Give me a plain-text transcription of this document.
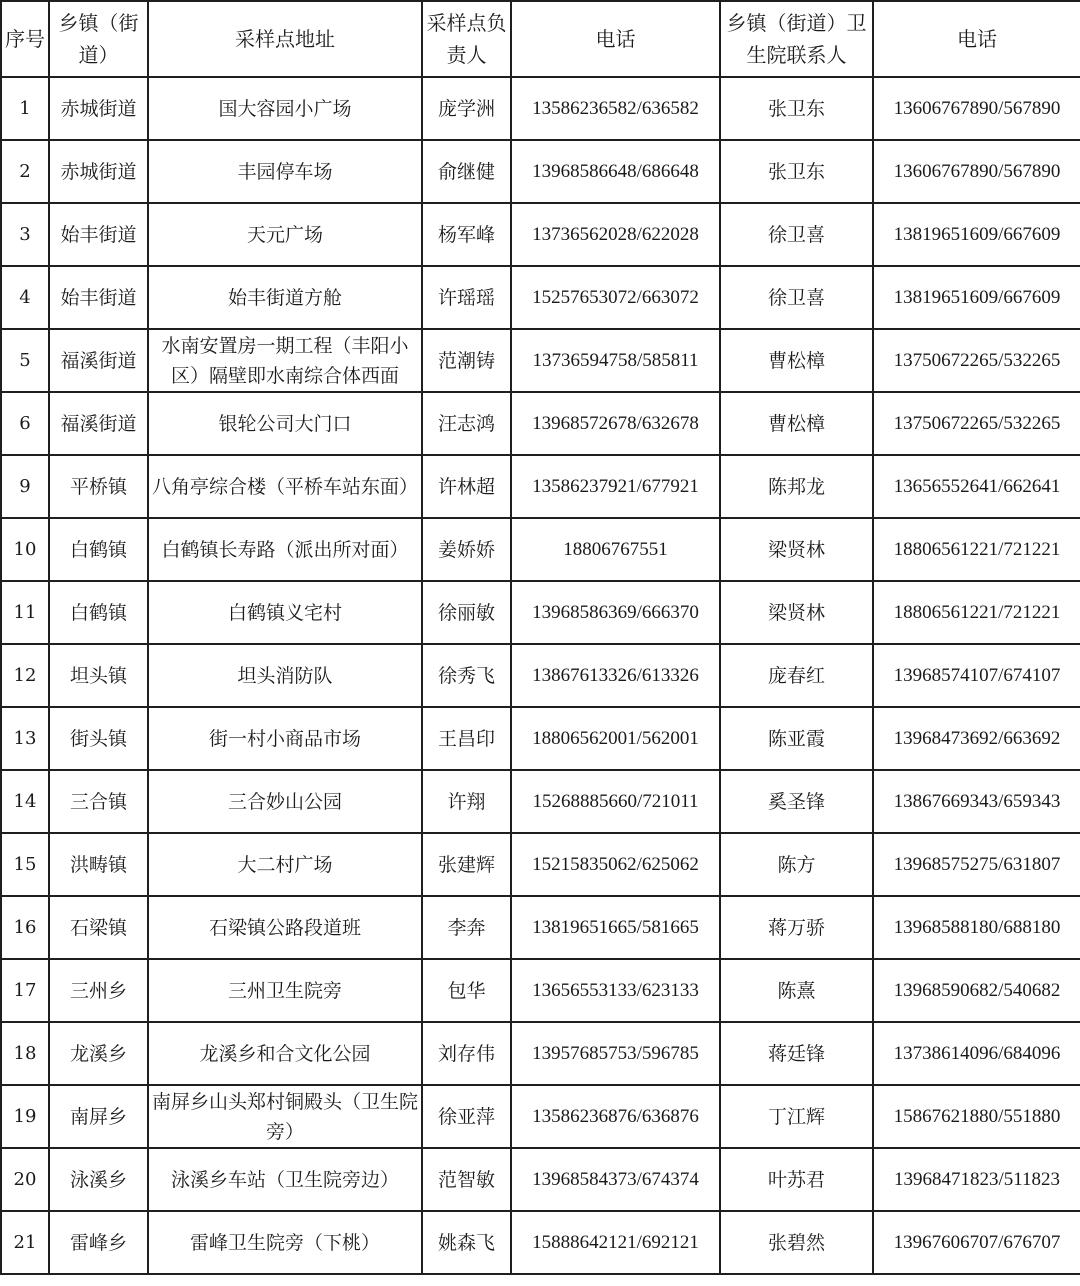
序号	乡镇（街道）	采样点地址	采样点负责人	电话	乡镇（街道）卫生院联系人	电话
1	赤城街道	国大容园小广场	庞学洲	13586236582/636582	张卫东	13606767890/567890
2	赤城街道	丰园停车场	俞继健	13968586648/686648	张卫东	13606767890/567890
3	始丰街道	天元广场	杨军峰	13736562028/622028	徐卫喜	13819651609/667609
4	始丰街道	始丰街道方舱	许瑶瑶	15257653072/663072	徐卫喜	13819651609/667609
5	福溪街道	水南安置房一期工程（丰阳小区）隔壁即水南综合体西面	范潮铸	13736594758/585811	曹松樟	13750672265/532265
6	福溪街道	银轮公司大门口	汪志鸿	13968572678/632678	曹松樟	13750672265/532265
9	平桥镇	八角亭综合楼（平桥车站东面）	许林超	13586237921/677921	陈邦龙	13656552641/662641
10	白鹤镇	白鹤镇长寿路（派出所对面）	姜娇娇	18806767551	梁贤林	18806561221/721221
11	白鹤镇	白鹤镇义宅村	徐丽敏	13968586369/666370	梁贤林	18806561221/721221
12	坦头镇	坦头消防队	徐秀飞	13867613326/613326	庞春红	13968574107/674107
13	街头镇	街一村小商品市场	王昌印	18806562001/562001	陈亚霞	13968473692/663692
14	三合镇	三合妙山公园	许翔	15268885660/721011	奚圣锋	13867669343/659343
15	洪畴镇	大二村广场	张建辉	15215835062/625062	陈方	13968575275/631807
16	石梁镇	石梁镇公路段道班	李奔	13819651665/581665	蒋万骄	13968588180/688180
17	三州乡	三州卫生院旁	包华	13656553133/623133	陈熹	13968590682/540682
18	龙溪乡	龙溪乡和合文化公园	刘存伟	13957685753/596785	蒋廷锋	13738614096/684096
19	南屏乡	南屏乡山头郑村铜殿头（卫生院旁）	徐亚萍	13586236876/636876	丁江辉	15867621880/551880
20	泳溪乡	泳溪乡车站（卫生院旁边）	范智敏	13968584373/674374	叶苏君	13968471823/511823
21	雷峰乡	雷峰卫生院旁（下桃）	姚森飞	15888642121/692121	张碧然	13967606707/676707
